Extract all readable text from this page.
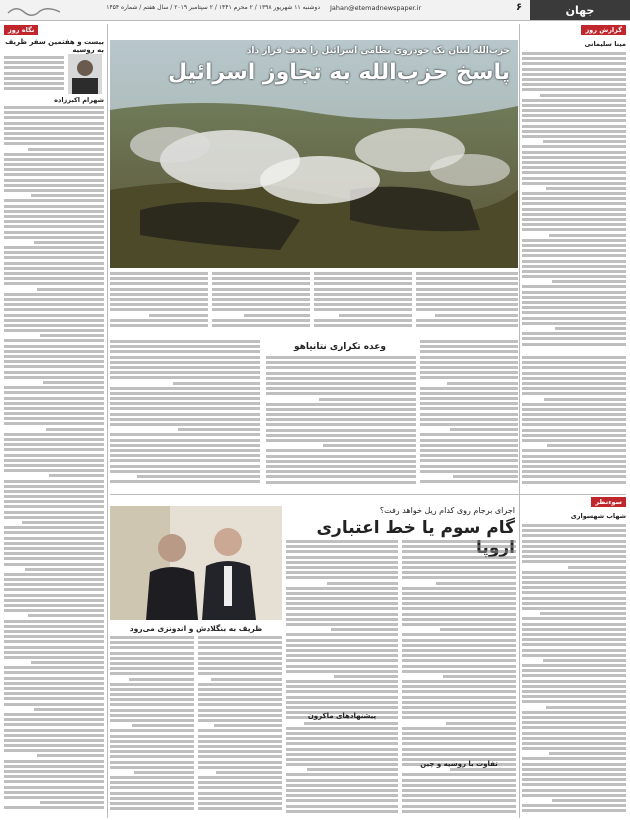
جهان
۶
Jahan@etemadnewspaper.ir
دوشنبه ۱۱ شهریور ۱۳۹۸ / ۲ محرم ۱۴۴۱ / ۲ سپتامبر ۲۰۱۹ / سال هفتم / شماره ۱۴۵۴
نگاه روز
بیست و هفتمین سفر ظریف به روسیه
شهرام اکبرزاده
حزب‌الله لبنان یک خودروی نظامی اسرائیل را هدف قرار داد
پاسخ حزب‌الله به تجاوز اسرائیل
گزارش روز
مینا سلیمانی
وعده تکراری نتانیاهو
سوءنظر
اجرای برجام روی کدام ریل خواهد رفت؟
گام سوم یا خط اعتباری
شهاب شهسواری
ظریف به بنگلادش و اندونزی می‌رود
پیشنهادهای ماکرون
تفاوت با روسیه و چین
